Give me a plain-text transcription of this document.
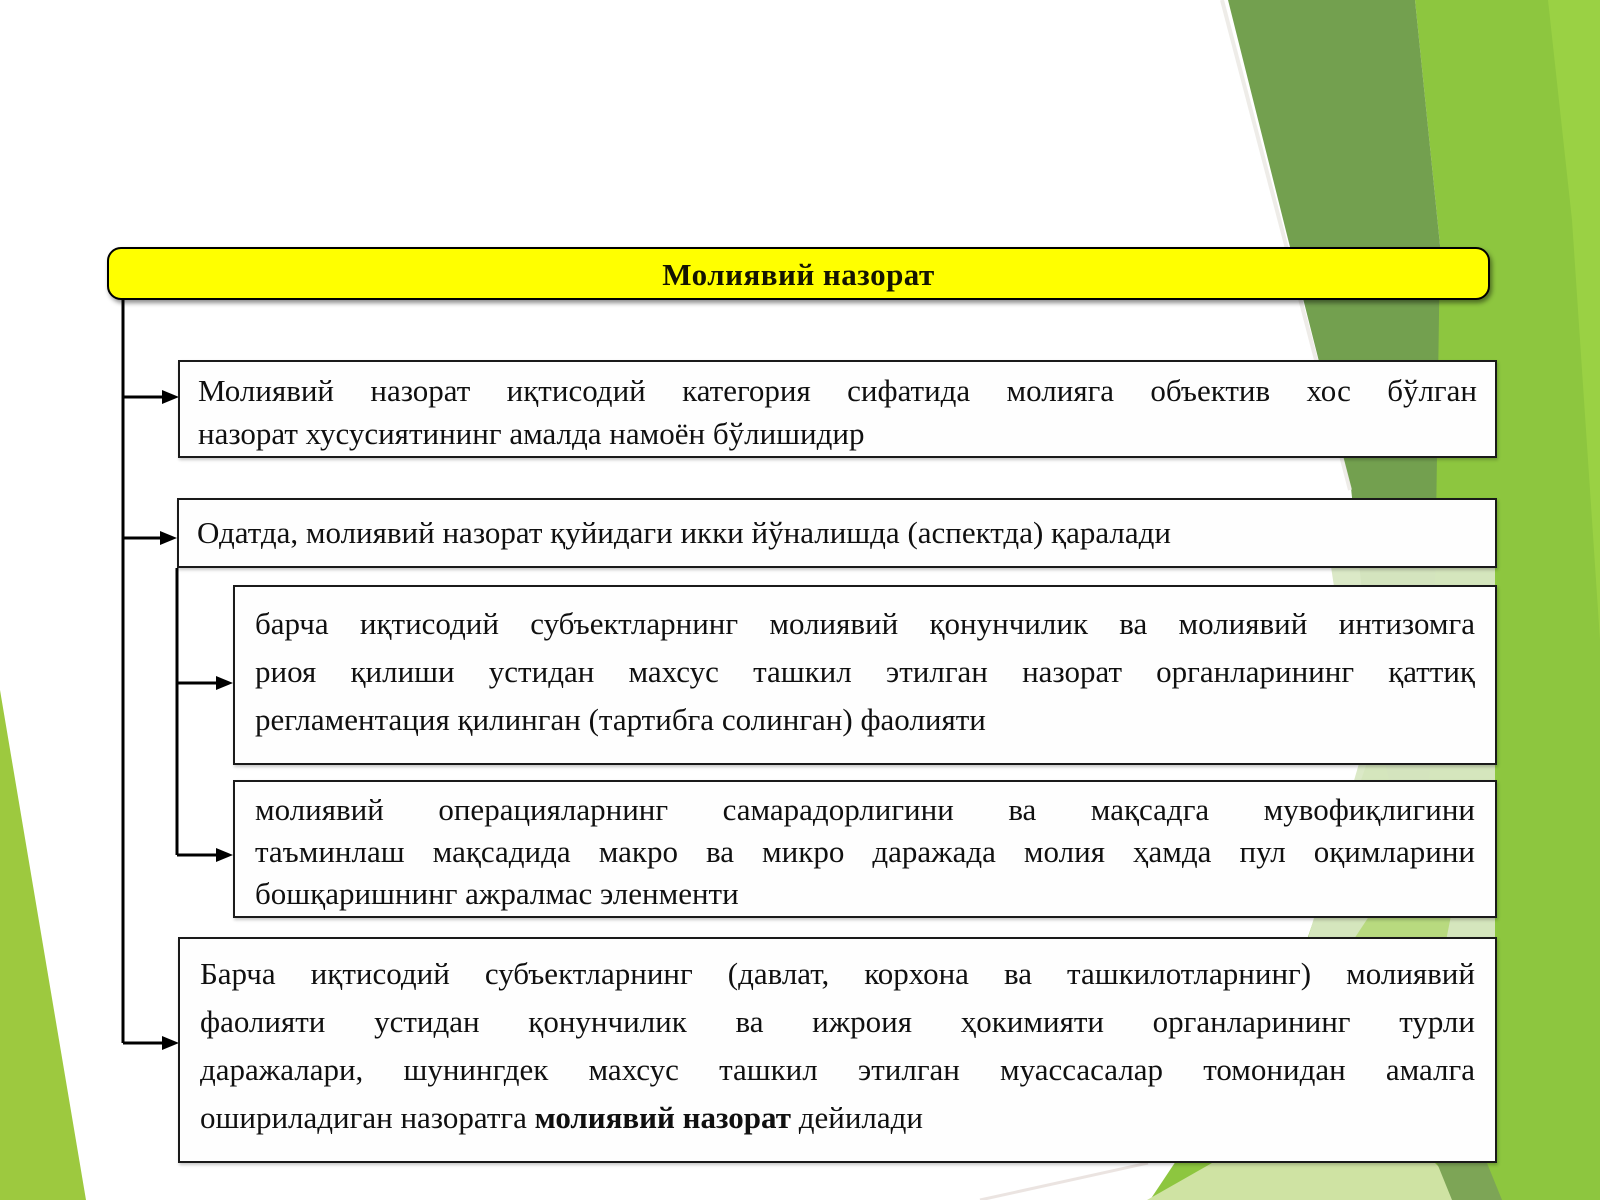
Молиявий назорат
Молиявий назорат иқтисодий категория сифатида молияга объектив хос бўлган
назорат хусусиятининг амалда намоён бўлишидир
Одатда, молиявий назорат қуйидаги икки йўналишда (аспектда) қаралади
барча иқтисодий субъектларнинг молиявий қонунчилик ва молиявий интизомга
риоя қилиши устидан махсус ташкил этилган назорат органларининг қаттиқ
регламентация қилинган (тартибга солинган) фаолияти
молиявий операцияларнинг самарадорлигини ва мақсадга мувофиқлигини
таъминлаш мақсадида макро ва микро даражада молия ҳамда пул оқимларини
бошқаришнинг ажралмас эленменти
Барча иқтисодий субъектларнинг (давлат, корхона ва ташкилотларнинг) молиявий
фаолияти устидан қонунчилик ва ижроия ҳокимияти органларининг турли
даражалари, шунингдек махсус ташкил этилган муассасалар томонидан амалга
ошириладиган назоратга молиявий назорат дейилади
